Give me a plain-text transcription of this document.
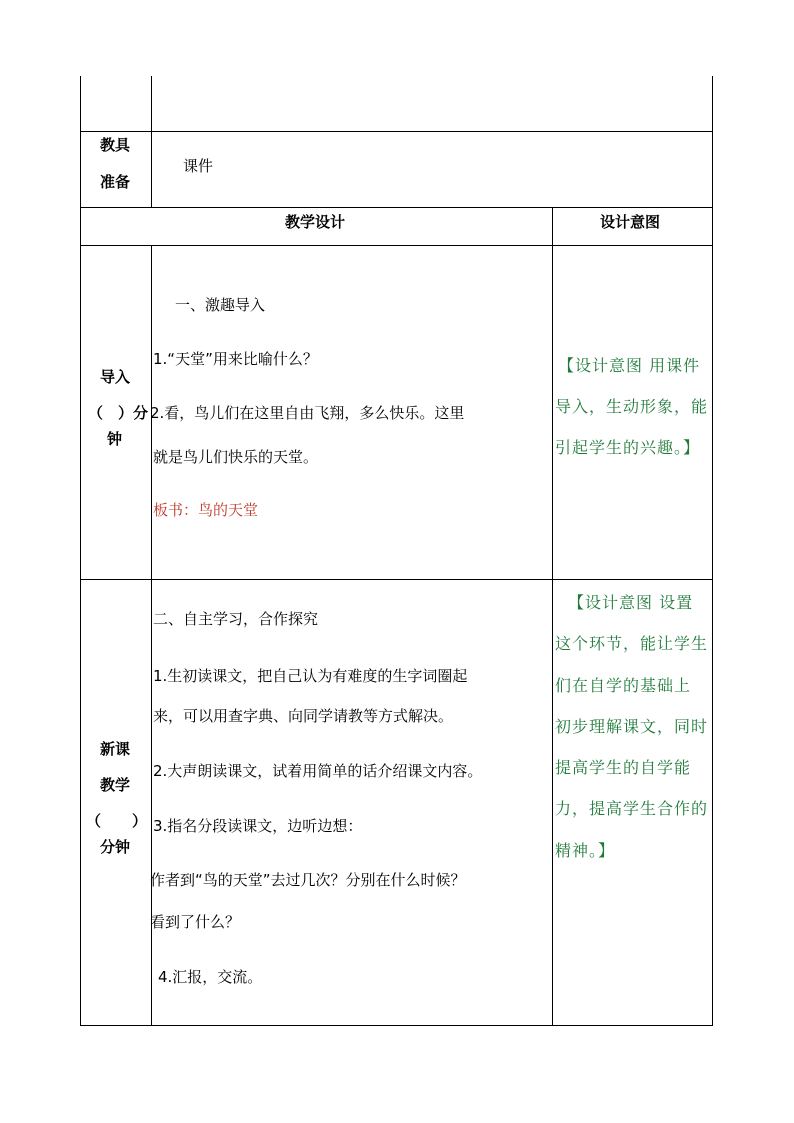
教具
准备
课件
教学设计	设计意图
导入
（ ）分
钟
一、激趣导入
1.“天堂”用来比喻什么？
2.看，鸟儿们在这里自由飞翔，多么快乐。这里
就是鸟儿们快乐的天堂。
板书：鸟的天堂
【设计意图 用课件
导入，生动形象，能
引起学生的兴趣。】
新课
教学
（ ）
分钟
二、自主学习，合作探究
1.生初读课文，把自己认为有难度的生字词圈起
来，可以用查字典、向同学请教等方式解决。
2.大声朗读课文，试着用简单的话介绍课文内容。
3.指名分段读课文，边听边想：
作者到“鸟的天堂”去过几次？分别在什么时候？
看到了什么？
4.汇报，交流。
【设计意图 设置
这个环节，能让学生
们在自学的基础上
初步理解课文，同时
提高学生的自学能
力，提高学生合作的
精神。】
